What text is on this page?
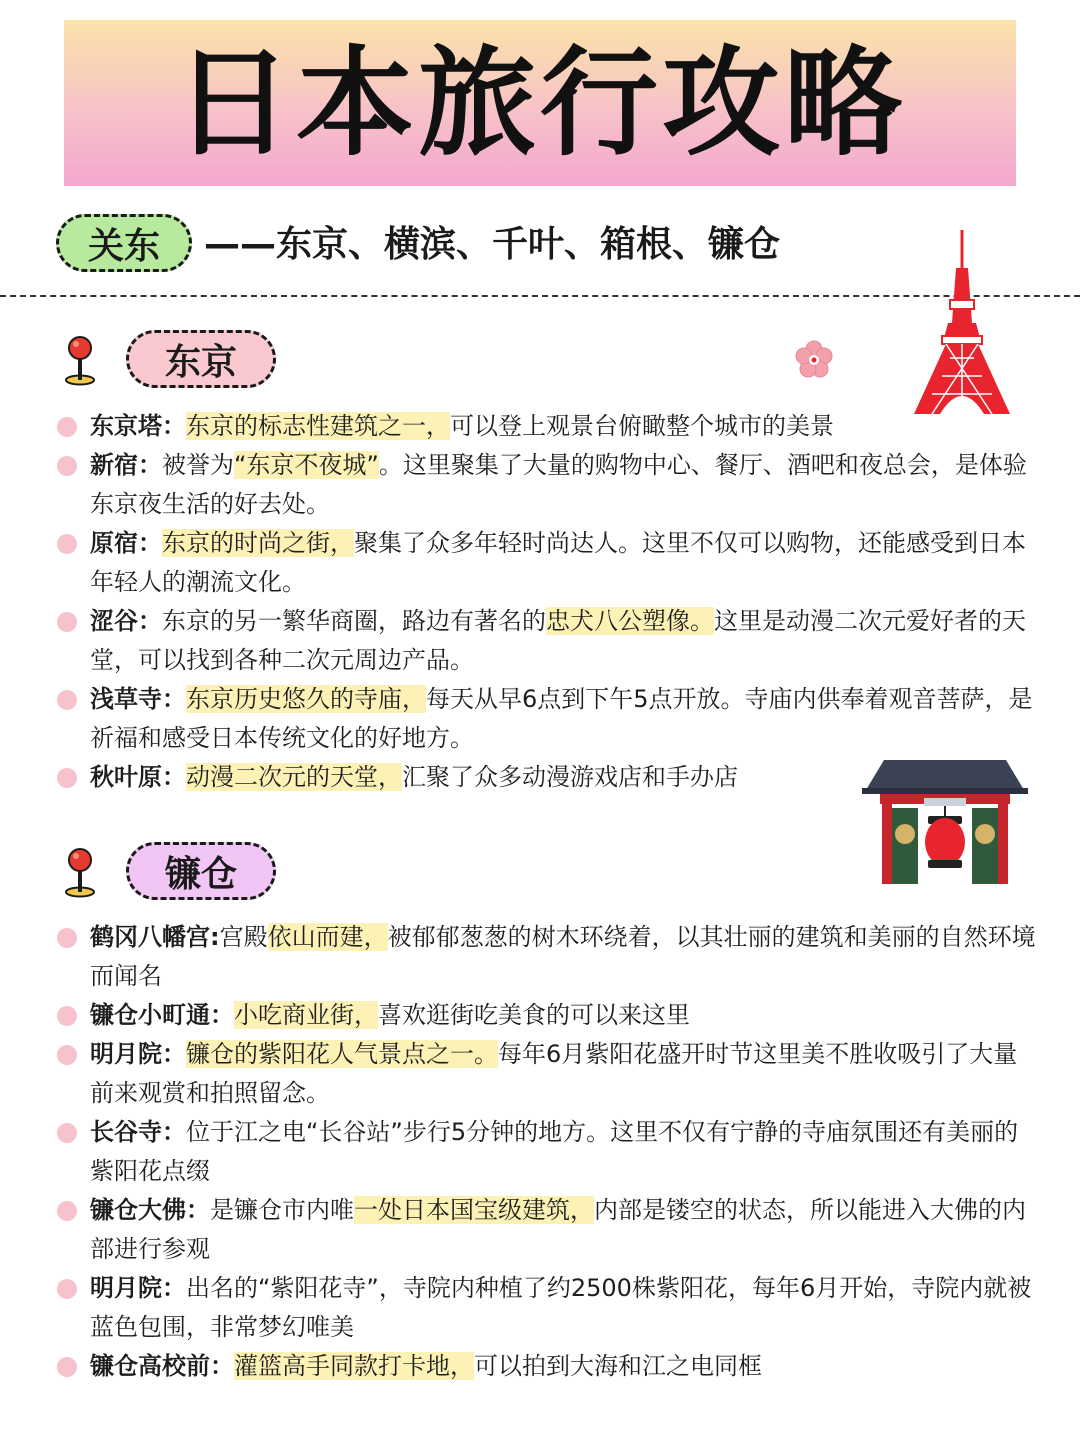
日本旅行攻略
关东	——东京、横滨、千叶、箱根、镰仓
东京
镰仓
东京塔：东京的标志性建筑之一，可以登上观景台俯瞰整个城市的美景
新宿：被誉为“东京不夜城”。这里聚集了大量的购物中心、餐厅、酒吧和夜总会，是体验东京夜生活的好去处。
原宿：东京的时尚之街，聚集了众多年轻时尚达人。这里不仅可以购物，还能感受到日本年轻人的潮流文化。
涩谷：东京的另一繁华商圈，路边有著名的忠犬八公塑像。这里是动漫二次元爱好者的天堂，可以找到各种二次元周边产品。
浅草寺：东京历史悠久的寺庙，每天从早6点到下午5点开放。寺庙内供奉着观音菩萨，是祈福和感受日本传统文化的好地方。
秋叶原：动漫二次元的天堂，汇聚了众多动漫游戏店和手办店
鹤冈八幡宫:宫殿依山而建，被郁郁葱葱的树木环绕着，以其壮丽的建筑和美丽的自然环境而闻名
镰仓小町通：小吃商业街，喜欢逛街吃美食的可以来这里
明月院：镰仓的紫阳花人气景点之一。每年6月紫阳花盛开时节这里美不胜收吸引了大量前来观赏和拍照留念。
长谷寺：位于江之电“长谷站”步行5分钟的地方。这里不仅有宁静的寺庙氛围还有美丽的紫阳花点缀
镰仓大佛：是镰仓市内唯一处日本国宝级建筑，内部是镂空的状态，所以能进入大佛的内部进行参观
明月院：出名的“紫阳花寺”，寺院内种植了约2500株紫阳花，每年6月开始，寺院内就被蓝色包围，非常梦幻唯美
镰仓高校前：灌篮高手同款打卡地，可以拍到大海和江之电同框
